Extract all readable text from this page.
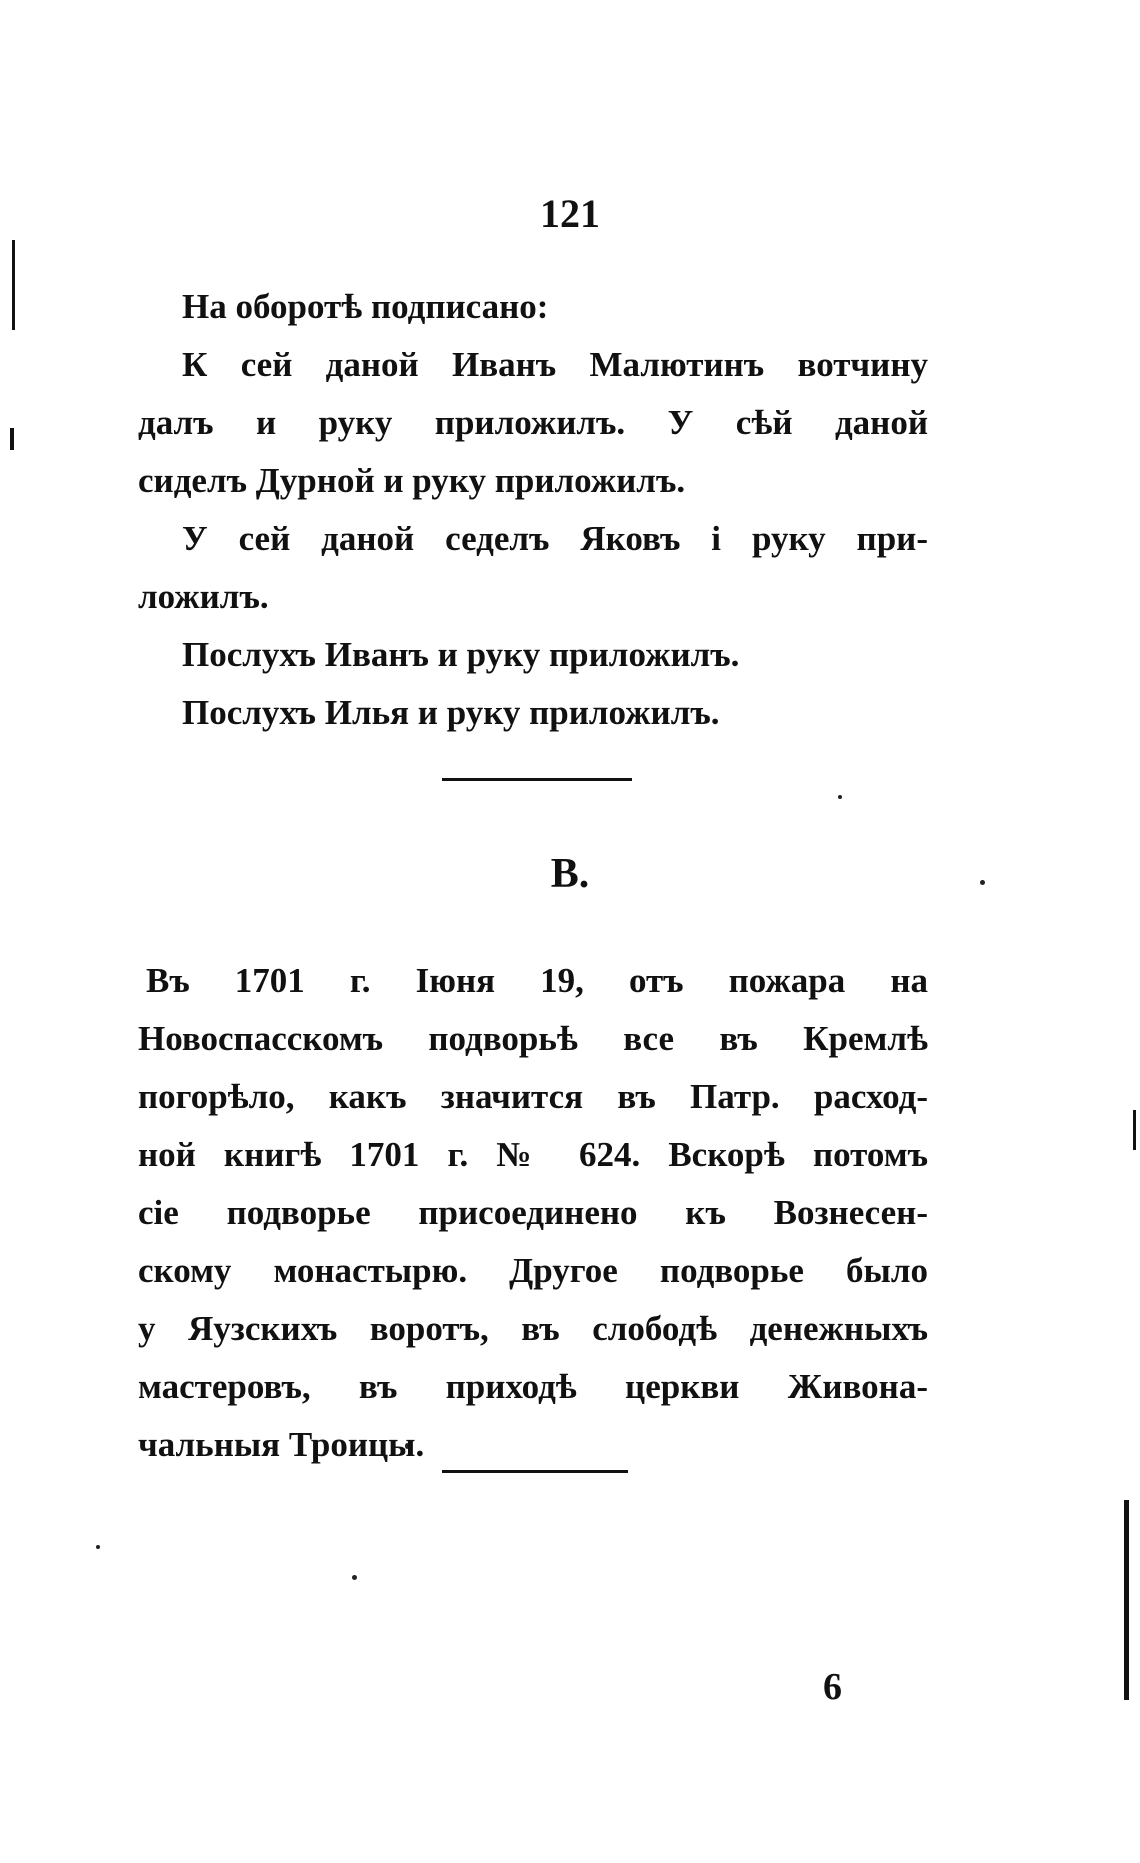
121
На оборотѣ подписано:
К сей даной Иванъ Малютинъ вотчину
далъ и руку приложилъ. У сѣй даной
сиделъ Дурной и руку приложилъ.
У сей даной седелъ Яковъ і руку при-
ложилъ.
Послухъ Иванъ и руку приложилъ.
Послухъ Илья и руку приложилъ.
B.
Въ 1701 г. Іюня 19, отъ пожара на
Новоспасскомъ подворьѣ все въ Кремлѣ
погорѣло, какъ значится въ Патр. расход-
ной книгѣ 1701 г. № 624. Вскорѣ потомъ
сіе подворье присоединено къ Вознесен-
скому монастырю. Другое подворье было
у Яузскихъ воротъ, въ слободѣ денежныхъ
мастеровъ, въ приходѣ церкви Живона-
чальныя Троицы.
6
